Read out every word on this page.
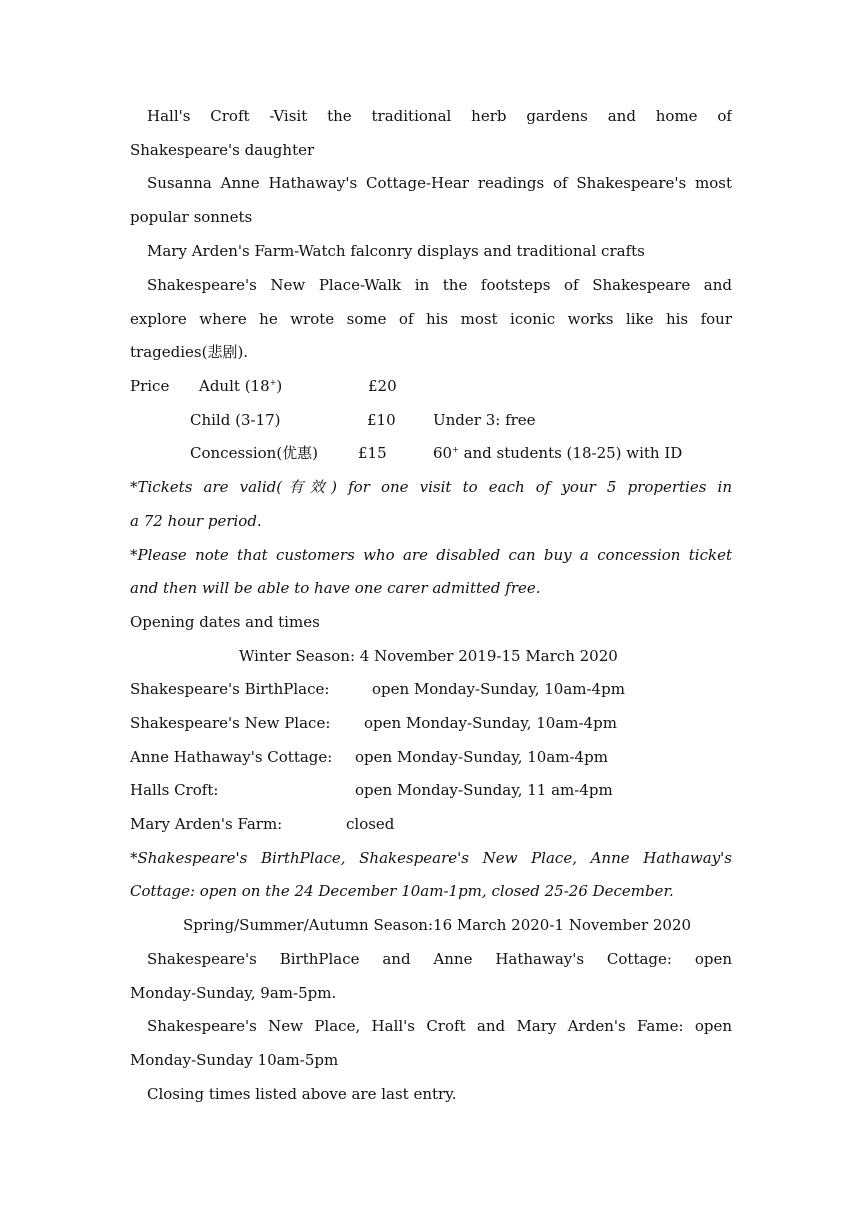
Hall's Croft -Visit the traditional herb gardens and home of
Shakespeare's daughter
Susanna Anne Hathaway's Cottage-Hear readings of Shakespeare's most
popular sonnets
Mary Arden's Farm-Watch falconry displays and traditional crafts
Shakespeare's New Place-Walk in the footsteps of Shakespeare and
explore where he wrote some of his most iconic works like his four
tragedies(悲剧).
Price Adult (18+)	£20
Child (3-17)	£10 Under 3: free
Concession(优惠)	£15	60+ and students (18-25) with ID
*Tickets are valid(有效) for one visit to each of your 5 properties in
a 72 hour period.
*Please note that customers who are disabled can buy a concession ticket
and then will be able to have one carer admitted free.
Opening dates and times
Winter Season: 4 November 2019-15 March 2020
Shakespeare's BirthPlace:	open Monday-Sunday, 10am-4pm
Shakespeare's New Place: open Monday-Sunday, 10am-4pm
Anne Hathaway's Cottage: open Monday-Sunday, 10am-4pm
Halls Croft:	open Monday-Sunday, 11 am-4pm
Mary Arden's Farm:	closed
*Shakespeare's BirthPlace, Shakespeare's New Place, Anne Hathaway's
Cottage: open on the 24 December 10am-1pm, closed 25-26 December.
Spring/Summer/Autumn Season:16 March 2020-1 November 2020
Shakespeare's BirthPlace and Anne Hathaway's Cottage: open
Monday-Sunday, 9am-5pm.
Shakespeare's New Place, Hall's Croft and Mary Arden's Fame: open
Monday-Sunday 10am-5pm
Closing times listed above are last entry.
